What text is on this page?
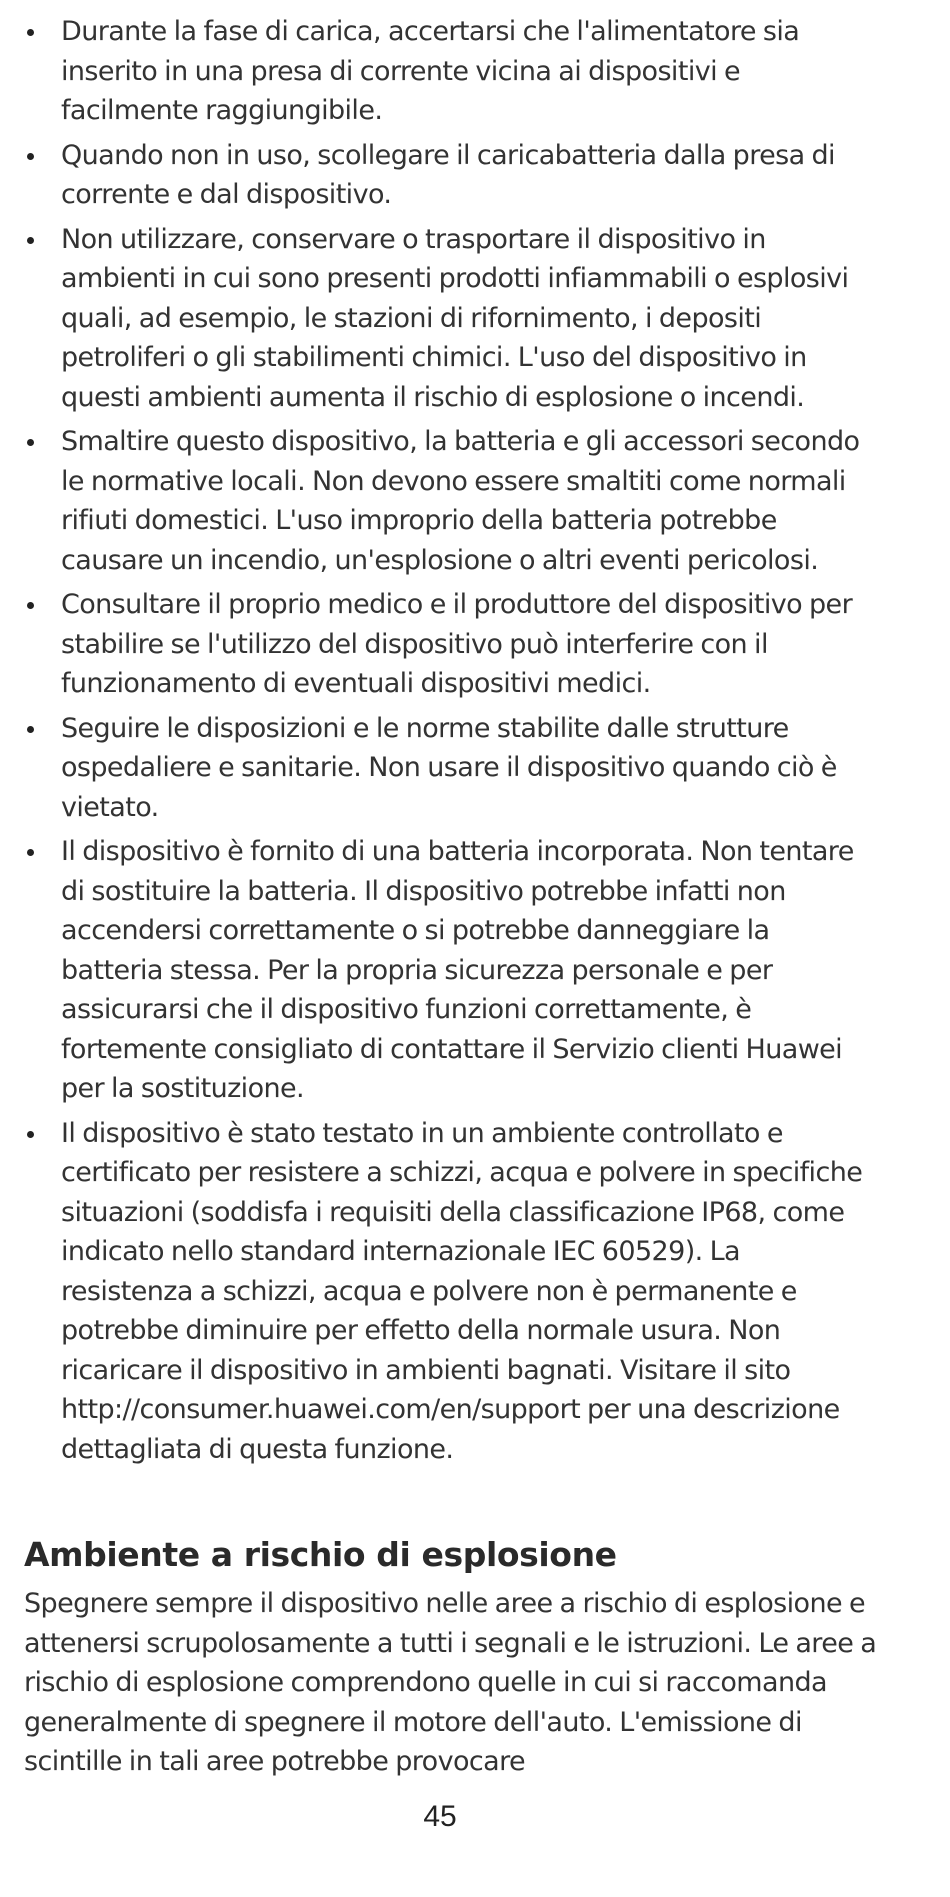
Durante la fase di carica, accertarsi che l'alimentatore sia inserito in una presa di corrente vicina ai dispositivi e facilmente raggiungibile.
Quando non in uso, scollegare il caricabatteria dalla presa di corrente e dal dispositivo.
Non utilizzare, conservare o trasportare il dispositivo in ambienti in cui sono presenti prodotti infiammabili o esplosivi quali, ad esempio, le stazioni di rifornimento, i depositi petroliferi o gli stabilimenti chimici. L'uso del dispositivo in questi ambienti aumenta il rischio di esplosione o incendi.
Smaltire questo dispositivo, la batteria e gli accessori secondo le normative locali. Non devono essere smaltiti come normali rifiuti domestici. L'uso improprio della batteria potrebbe causare un incendio, un'esplosione o altri eventi pericolosi.
Consultare il proprio medico e il produttore del dispositivo per stabilire se l'utilizzo del dispositivo può interferire con il funzionamento di eventuali dispositivi medici.
Seguire le disposizioni e le norme stabilite dalle strutture ospedaliere e sanitarie. Non usare il dispositivo quando ciò è vietato.
Il dispositivo è fornito di una batteria incorporata. Non tentare di sostituire la batteria. Il dispositivo potrebbe infatti non accendersi correttamente o si potrebbe danneggiare la batteria stessa. Per la propria sicurezza personale e per assicurarsi che il dispositivo funzioni correttamente, è fortemente consigliato di contattare il Servizio clienti Huawei per la sostituzione.
Il dispositivo è stato testato in un ambiente controllato e certificato per resistere a schizzi, acqua e polvere in specifiche situazioni (soddisfa i requisiti della classificazione IP68, come indicato nello standard internazionale IEC 60529). La resistenza a schizzi, acqua e polvere non è permanente e potrebbe diminuire per effetto della normale usura. Non ricaricare il dispositivo in ambienti bagnati. Visitare il sito http://consumer.huawei.com/en/support per una descrizione dettagliata di questa funzione.
Ambiente a rischio di esplosione

Spegnere sempre il dispositivo nelle aree a rischio di esplosione e attenersi scrupolosamente a tutti i segnali e le istruzioni. Le aree a rischio di esplosione comprendono quelle in cui si raccomanda generalmente di spegnere il motore dell'auto. L'emissione di scintille in tali aree potrebbe provocare

45
